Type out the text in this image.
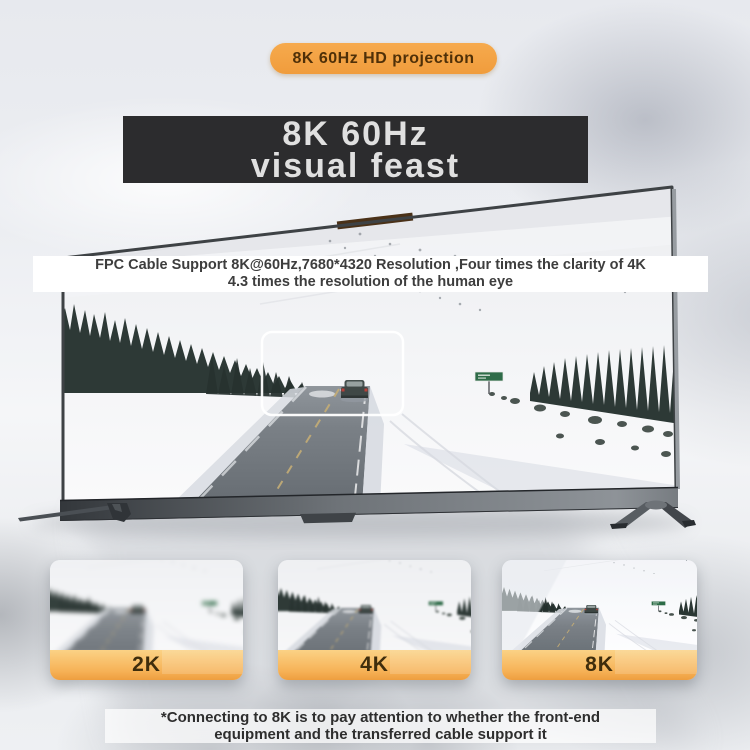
8K 60Hz HD projection
8K 60Hz
visual feast
FPC Cable Support 8K@60Hz,7680*4320 Resolution ,Four times the clarity of 4K
4.3 times the resolution of the human eye
2K	4K	8K
*Connecting to 8K is to pay attention to whether the front-end
equipment and the transferred cable support it
